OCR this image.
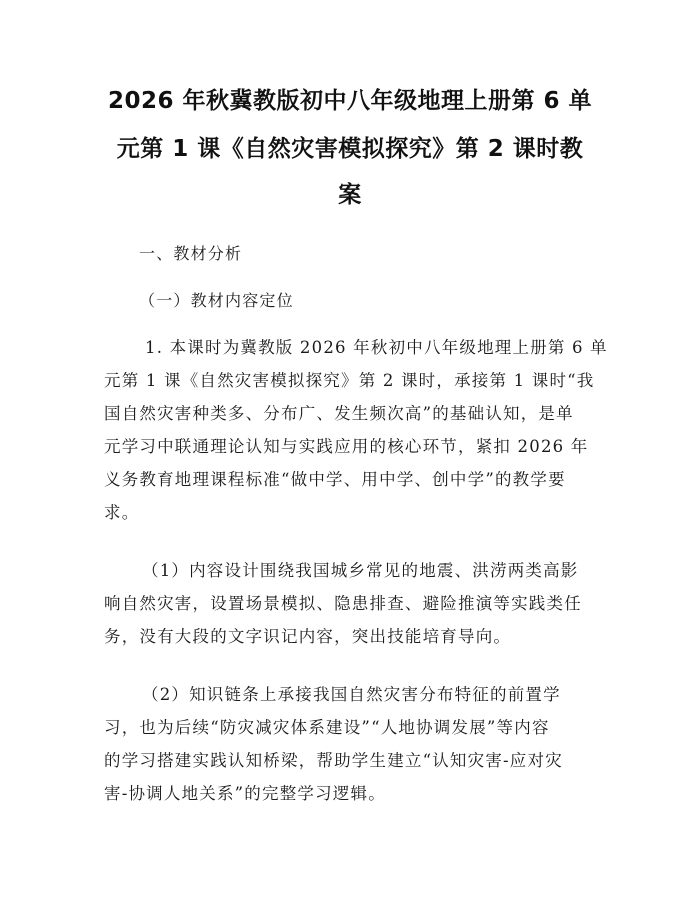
2026 年秋冀教版初中八年级地理上册第 6 单
元第 1 课《自然灾害模拟探究》第 2 课时教
案
一、教材分析
（一）教材内容定位
1. 本课时为冀教版 2026 年秋初中八年级地理上册第 6 单
元第 1 课《自然灾害模拟探究》第 2 课时，承接第 1 课时“我
国自然灾害种类多、分布广、发生频次高”的基础认知，是单
元学习中联通理论认知与实践应用的核心环节，紧扣 2026 年
义务教育地理课程标准“做中学、用中学、创中学”的教学要
求。
（1）内容设计围绕我国城乡常见的地震、洪涝两类高影
响自然灾害，设置场景模拟、隐患排查、避险推演等实践类任
务，没有大段的文字识记内容，突出技能培育导向。
（2）知识链条上承接我国自然灾害分布特征的前置学
习，也为后续“防灾减灾体系建设”“人地协调发展”等内容
的学习搭建实践认知桥梁，帮助学生建立“认知灾害-应对灾
害-协调人地关系”的完整学习逻辑。
